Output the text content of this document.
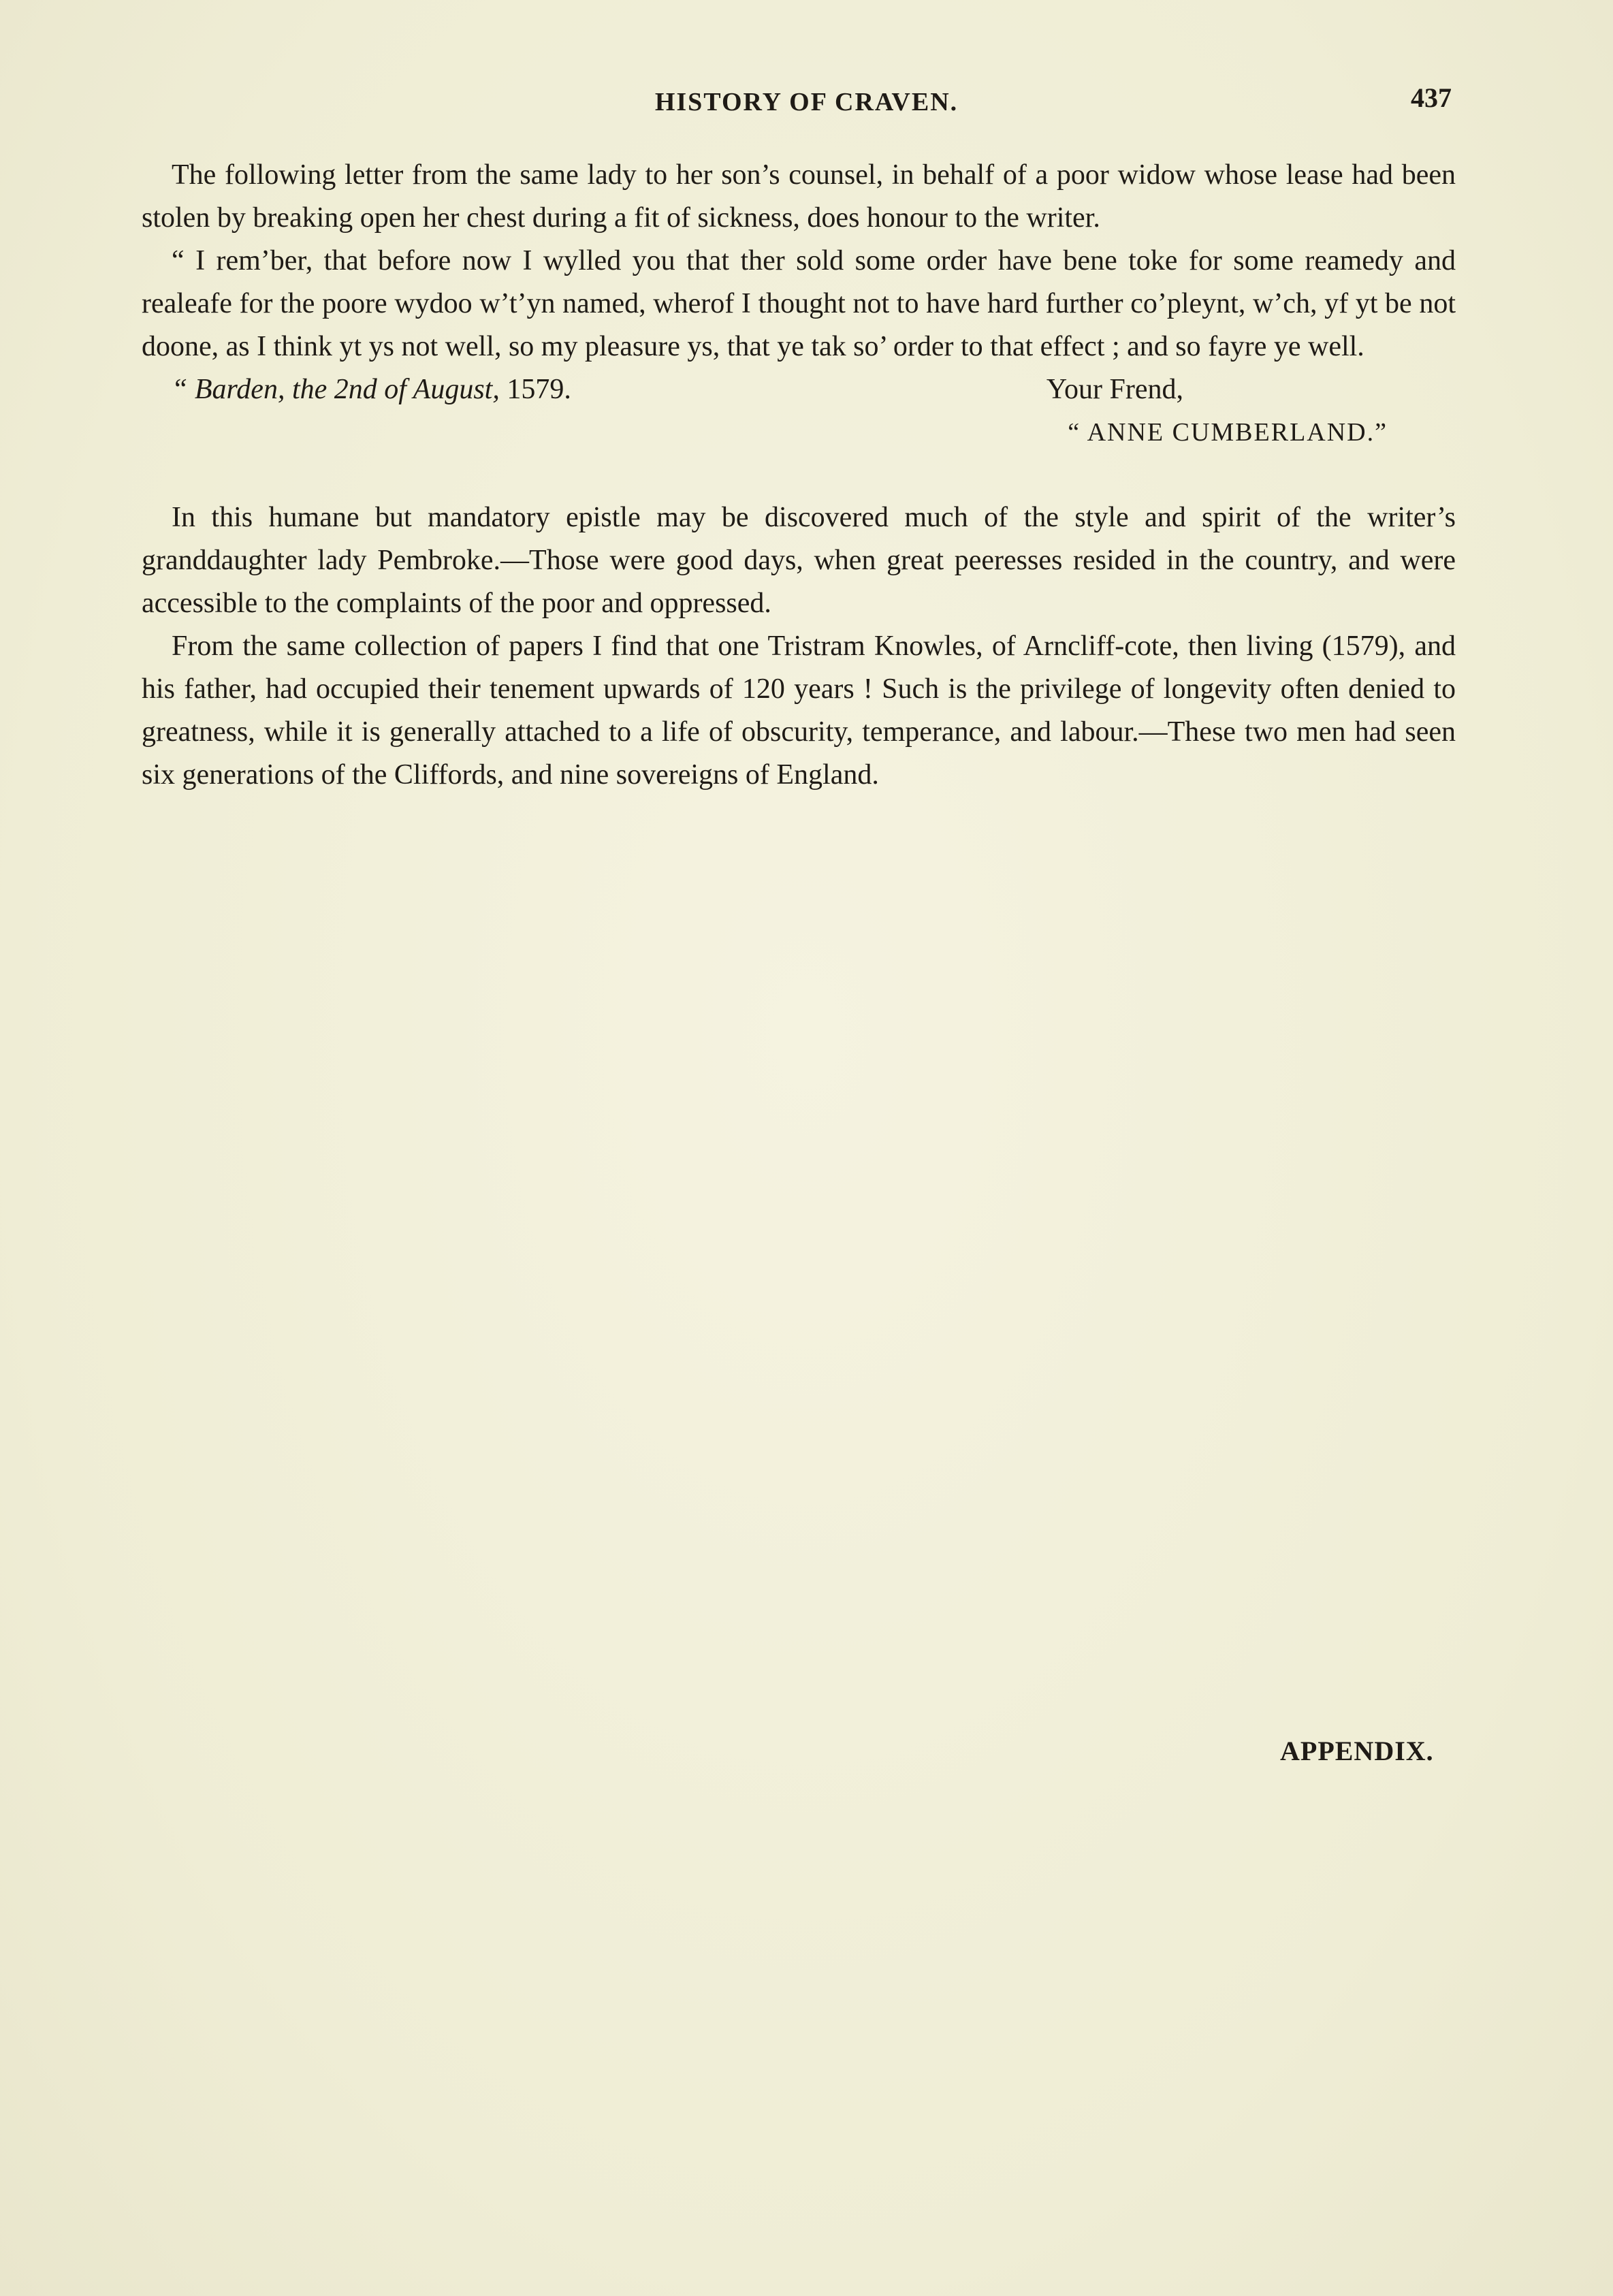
HISTORY OF CRAVEN.	437

The following letter from the same lady to her son’s counsel, in behalf of a poor widow whose lease had been stolen by breaking open her chest during a fit of sickness, does honour to the writer.

“ I rem’ber, that before now I wylled you that ther sold some order have bene toke for some reamedy and realeafe for the poore wydoo w’t’yn named, wherof I thought not to have hard further co’pleynt, w’ch, yf yt be not doone, as I think yt ys not well, so my pleasure ys, that ye tak so’ order to that effect ; and so fayre ye well.

“ Barden, the 2nd of August, 1579.	Your Frend,

“ ANNE CUMBERLAND.”

In this humane but mandatory epistle may be discovered much of the style and spirit of the writer’s granddaughter lady Pembroke.—Those were good days, when great peeresses resided in the country, and were accessible to the complaints of the poor and oppressed.

From the same collection of papers I find that one Tristram Knowles, of Arncliff-cote, then living (1579), and his father, had occupied their tenement upwards of 120 years ! Such is the privilege of longevity often denied to greatness, while it is generally attached to a life of obscurity, temperance, and labour.—These two men had seen six generations of the Cliffords, and nine sovereigns of England.

APPENDIX.
